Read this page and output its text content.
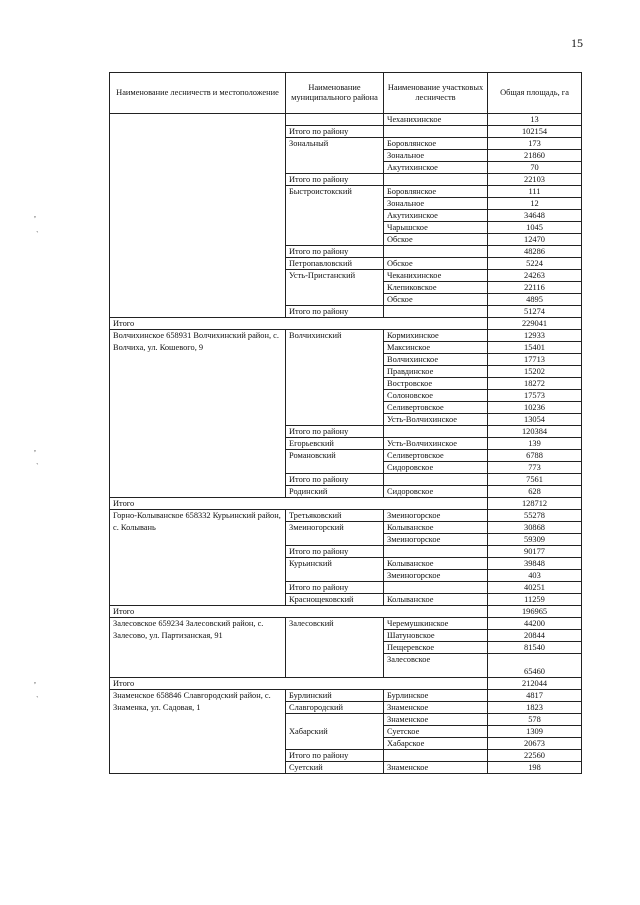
15
Наименование лесничеств и местоположение	Наименование муниципального района	Наименование участковых лесничеств	Общая площадь, га
		Чеханихинское	13
	Итого по району		102154
	Зональный	Боровлянское	173
		Зональное	21860
		Акутихинское	70
	Итого по району		22103
	Быстроистокский	Боровлянское	111
		Зональное	12
		Акутихинское	34648
		Чарышское	1045
		Обское	12470
	Итого по району		48286
	Петропавловский	Обское	5224
	Усть-Пристанский	Чеканихинское	24263
		Клепиковское	22116
		Обское	4895
	Итого по району		51274
Итого			229041
Волчихинское 658931 Волчихинский район, с. Волчиха, ул. Кошевого, 9	Волчихинский	Кормихинское	12933
		Максинское	15401
		Волчихинское	17713
		Правдинское	15202
		Востровское	18272
		Солоновское	17573
		Селивертовское	10236
		Усть-Волчихинское	13054
	Итого по району		120384
	Егорьевский	Усть-Волчихинское	139
	Романовский	Селивертовское	6788
		Сидоровское	773
	Итого по району		7561
	Родинский	Сидоровское	628
Итого			128712
Горно-Колыванское 658332 Курьинский район, с. Колывань	Третьяковский	Змеиногорское	55278
	Змеиногорский	Колыванское	30868
		Змеиногорское	59309
	Итого по району		90177
	Курьинский	Колыванское	39848
		Змеиногорское	403
	Итого по району		40251
	Краснощековский	Колыванское	11259
Итого			196965
Залесовское 659234 Залесовский район, с. Залесово, ул. Партизанская, 91	Залесовский	Черемушкинское	44200
		Шатуновское	20844
		Пещеревское	81540
		Залесовское	65460
Итого			212044
Знаменское 658846 Славгородский район, с. Знаменка, ул. Садовая, 1	Бурлинский	Бурлинское	4817
	Славгородский	Знаменское	1823
	Хабарский	Знаменское	578
		Суетское	1309
		Хабарское	20673
	Итого по району		22560
	Суетский	Знаменское	198
,
`
,
`
,
`
